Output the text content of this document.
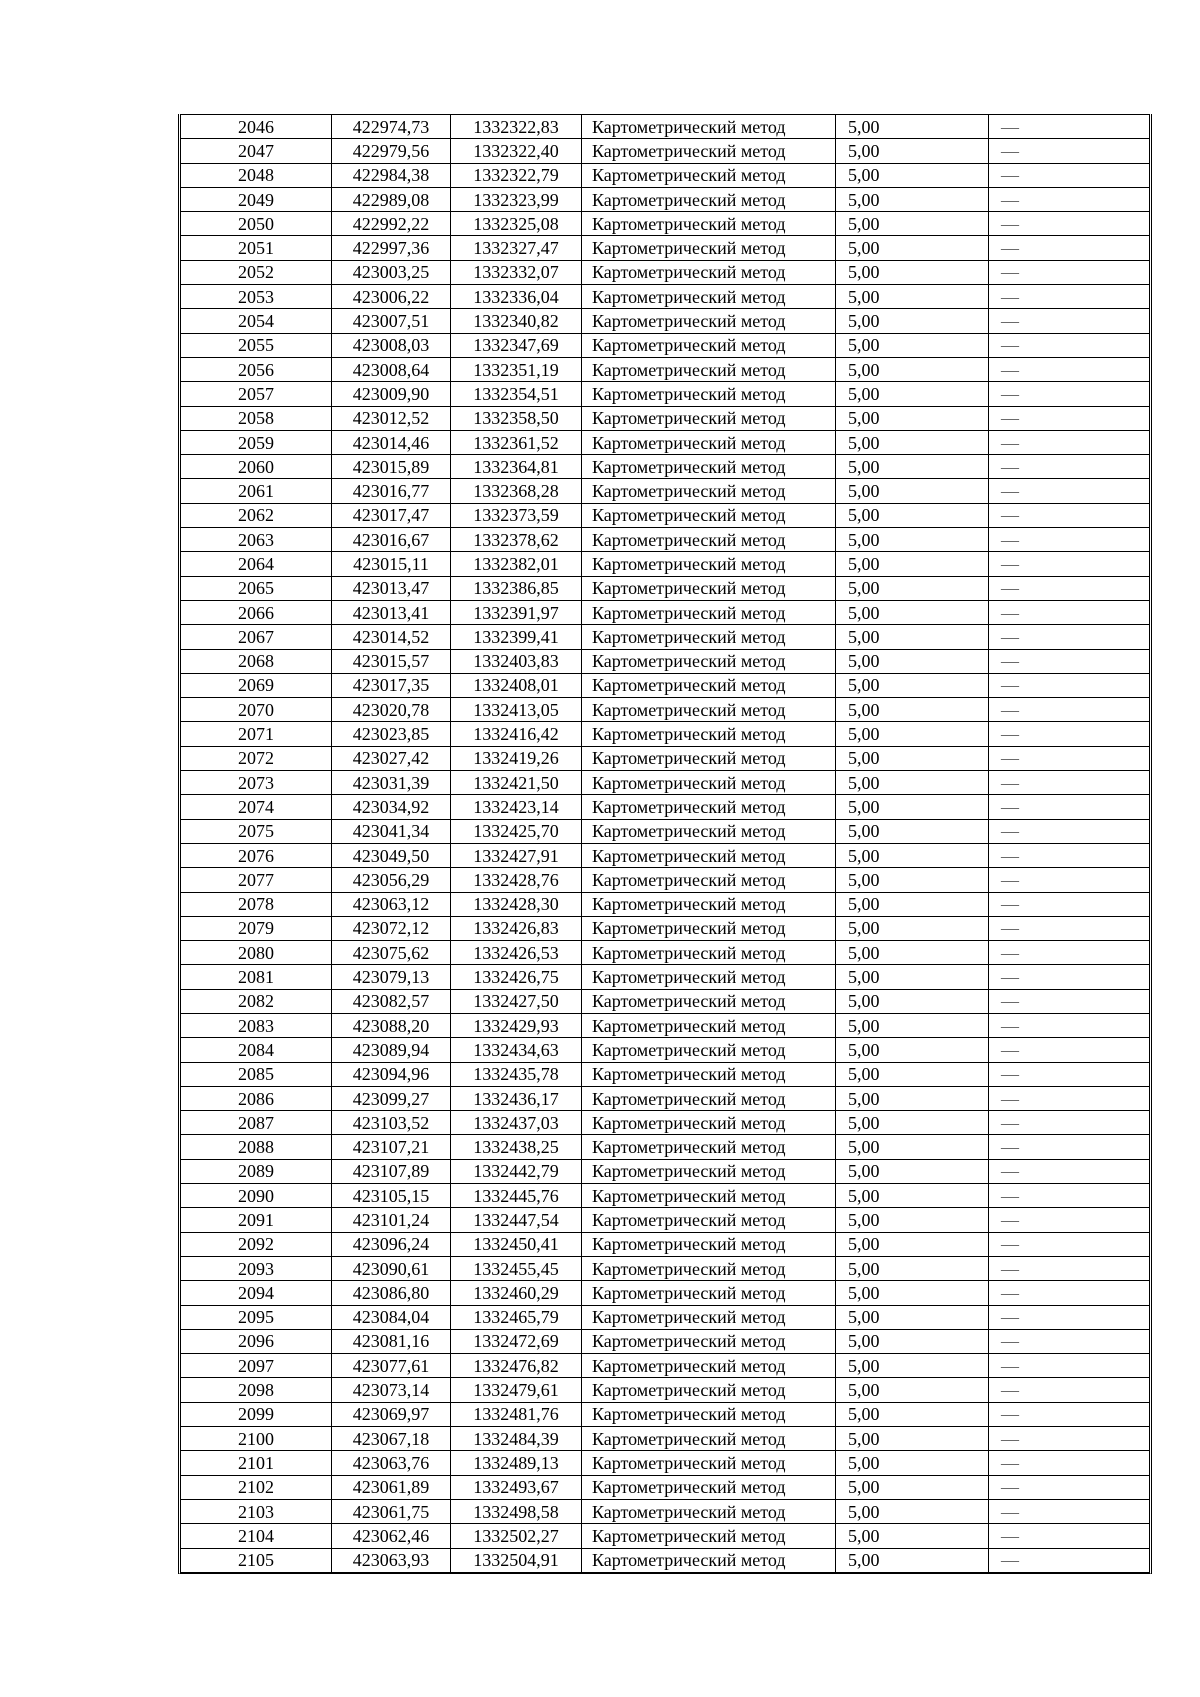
2046	422974,73	1332322,83	Картометрический метод	5,00	—
2047	422979,56	1332322,40	Картометрический метод	5,00	—
2048	422984,38	1332322,79	Картометрический метод	5,00	—
2049	422989,08	1332323,99	Картометрический метод	5,00	—
2050	422992,22	1332325,08	Картометрический метод	5,00	—
2051	422997,36	1332327,47	Картометрический метод	5,00	—
2052	423003,25	1332332,07	Картометрический метод	5,00	—
2053	423006,22	1332336,04	Картометрический метод	5,00	—
2054	423007,51	1332340,82	Картометрический метод	5,00	—
2055	423008,03	1332347,69	Картометрический метод	5,00	—
2056	423008,64	1332351,19	Картометрический метод	5,00	—
2057	423009,90	1332354,51	Картометрический метод	5,00	—
2058	423012,52	1332358,50	Картометрический метод	5,00	—
2059	423014,46	1332361,52	Картометрический метод	5,00	—
2060	423015,89	1332364,81	Картометрический метод	5,00	—
2061	423016,77	1332368,28	Картометрический метод	5,00	—
2062	423017,47	1332373,59	Картометрический метод	5,00	—
2063	423016,67	1332378,62	Картометрический метод	5,00	—
2064	423015,11	1332382,01	Картометрический метод	5,00	—
2065	423013,47	1332386,85	Картометрический метод	5,00	—
2066	423013,41	1332391,97	Картометрический метод	5,00	—
2067	423014,52	1332399,41	Картометрический метод	5,00	—
2068	423015,57	1332403,83	Картометрический метод	5,00	—
2069	423017,35	1332408,01	Картометрический метод	5,00	—
2070	423020,78	1332413,05	Картометрический метод	5,00	—
2071	423023,85	1332416,42	Картометрический метод	5,00	—
2072	423027,42	1332419,26	Картометрический метод	5,00	—
2073	423031,39	1332421,50	Картометрический метод	5,00	—
2074	423034,92	1332423,14	Картометрический метод	5,00	—
2075	423041,34	1332425,70	Картометрический метод	5,00	—
2076	423049,50	1332427,91	Картометрический метод	5,00	—
2077	423056,29	1332428,76	Картометрический метод	5,00	—
2078	423063,12	1332428,30	Картометрический метод	5,00	—
2079	423072,12	1332426,83	Картометрический метод	5,00	—
2080	423075,62	1332426,53	Картометрический метод	5,00	—
2081	423079,13	1332426,75	Картометрический метод	5,00	—
2082	423082,57	1332427,50	Картометрический метод	5,00	—
2083	423088,20	1332429,93	Картометрический метод	5,00	—
2084	423089,94	1332434,63	Картометрический метод	5,00	—
2085	423094,96	1332435,78	Картометрический метод	5,00	—
2086	423099,27	1332436,17	Картометрический метод	5,00	—
2087	423103,52	1332437,03	Картометрический метод	5,00	—
2088	423107,21	1332438,25	Картометрический метод	5,00	—
2089	423107,89	1332442,79	Картометрический метод	5,00	—
2090	423105,15	1332445,76	Картометрический метод	5,00	—
2091	423101,24	1332447,54	Картометрический метод	5,00	—
2092	423096,24	1332450,41	Картометрический метод	5,00	—
2093	423090,61	1332455,45	Картометрический метод	5,00	—
2094	423086,80	1332460,29	Картометрический метод	5,00	—
2095	423084,04	1332465,79	Картометрический метод	5,00	—
2096	423081,16	1332472,69	Картометрический метод	5,00	—
2097	423077,61	1332476,82	Картометрический метод	5,00	—
2098	423073,14	1332479,61	Картометрический метод	5,00	—
2099	423069,97	1332481,76	Картометрический метод	5,00	—
2100	423067,18	1332484,39	Картометрический метод	5,00	—
2101	423063,76	1332489,13	Картометрический метод	5,00	—
2102	423061,89	1332493,67	Картометрический метод	5,00	—
2103	423061,75	1332498,58	Картометрический метод	5,00	—
2104	423062,46	1332502,27	Картометрический метод	5,00	—
2105	423063,93	1332504,91	Картометрический метод	5,00	—
